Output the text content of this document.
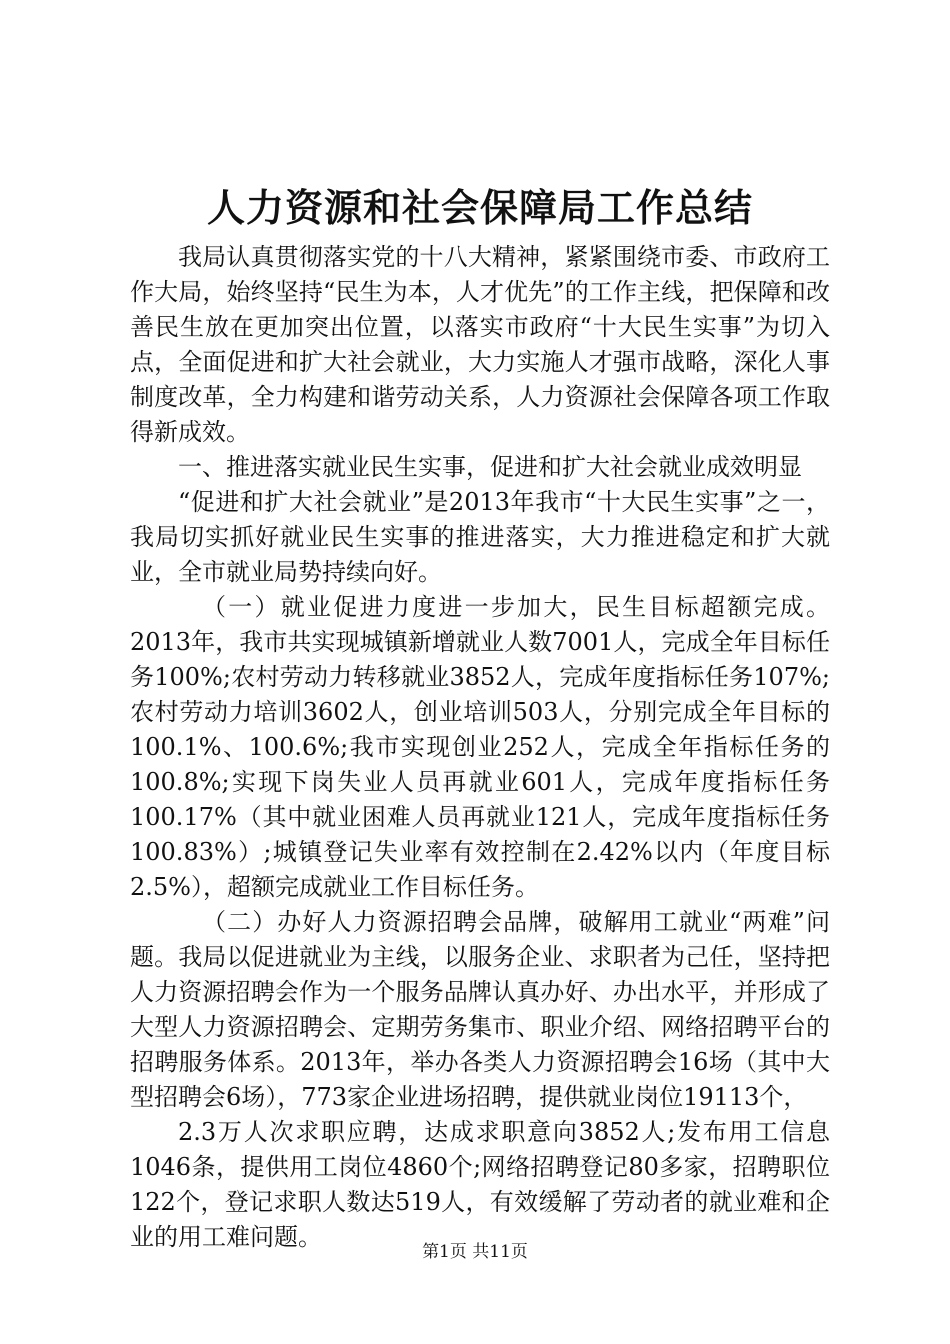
人力资源和社会保障局工作总结

我局认真贯彻落实党的十八大精神，紧紧围绕市委、市政府工作大局，始终坚持“民生为本，人才优先”的工作主线，把保障和改善民生放在更加突出位置，以落实市政府“十大民生实事”为切入点，全面促进和扩大社会就业，大力实施人才强市战略，深化人事制度改革，全力构建和谐劳动关系，人力资源社会保障各项工作取得新成效。

一、推进落实就业民生实事，促进和扩大社会就业成效明显

“促进和扩大社会就业”是2013年我市“十大民生实事”之一，我局切实抓好就业民生实事的推进落实，大力推进稳定和扩大就业，全市就业局势持续向好。

（一）就业促进力度进一步加大，民生目标超额完成。2013年，我市共实现城镇新增就业人数7001人，完成全年目标任务100%;农村劳动力转移就业3852人，完成年度指标任务107%;农村劳动力培训3602人，创业培训503人，分别完成全年目标的100.1%、100.6%;我市实现创业252人，完成全年指标任务的100.8%;实现下岗失业人员再就业601人，完成年度指标任务100.17%（其中就业困难人员再就业121人，完成年度指标任务100.83%）;城镇登记失业率有效控制在2.42%以内（年度目标2.5%），超额完成就业工作目标任务。

（二）办好人力资源招聘会品牌，破解用工就业“两难”问题。我局以促进就业为主线，以服务企业、求职者为己任，坚持把人力资源招聘会作为一个服务品牌认真办好、办出水平，并形成了大型人力资源招聘会、定期劳务集市、职业介绍、网络招聘平台的招聘服务体系。2013年，举办各类人力资源招聘会16场（其中大型招聘会6场），773家企业进场招聘，提供就业岗位19113个，

2.3万人次求职应聘，达成求职意向3852人;发布用工信息1046条，提供用工岗位4860个;网络招聘登记80多家，招聘职位122个，登记求职人数达519人，有效缓解了劳动者的就业难和企业的用工难问题。

第1页 共11页
